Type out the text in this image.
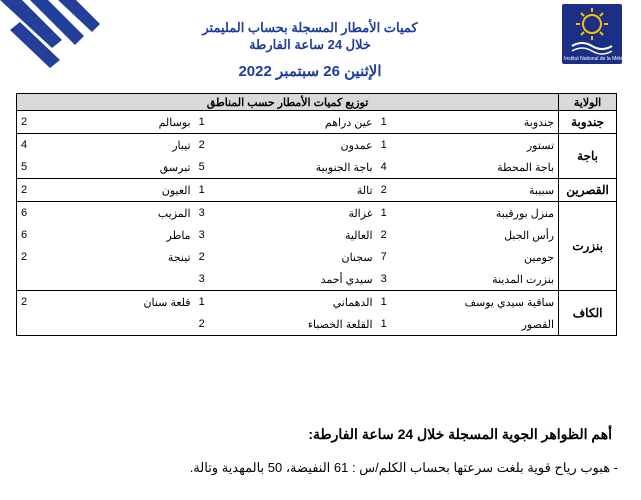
Institut National de la Météorologie
كميات الأمطار المسجلة بحساب المليمتر
خلال 24 ساعة الفارطة
الإثنين 26 سبتمبر 2022
الولاية	توزيع كميات الأمطار حسب المناطق					
جندوبة	جندوبة	1	عين دراهم	1	بوسالم	2
باجة	تستور	1	عمدون	2	تيبار	4
	باجة المحطة	4	باجة الجنوبية	5	تبرسق	5
القصرين	سبيبة	2	تالة	1	العيون	2
بنزرت	منزل بورقيبة	1	غزالة	3	المزيب	6
	رأس الجبل	2	العالية	3	ماطر	6
	جومين	7	سجنان	2	تينجة	2
	بنزرت المدينة	3	سيدي أحمد	3		
الكاف	ساقية سيدي يوسف	1	الدهماني	1	قلعة سنان	2
	القصور	1	القلعة الخصباء	2		
أهم الظواهر الجوية المسجلة خلال 24 ساعة الفارطة:
- هبوب رياح قوية بلغت سرعتها بحساب الكلم/س : 61 النفيضة، 50 بالمهدية وتالة.
